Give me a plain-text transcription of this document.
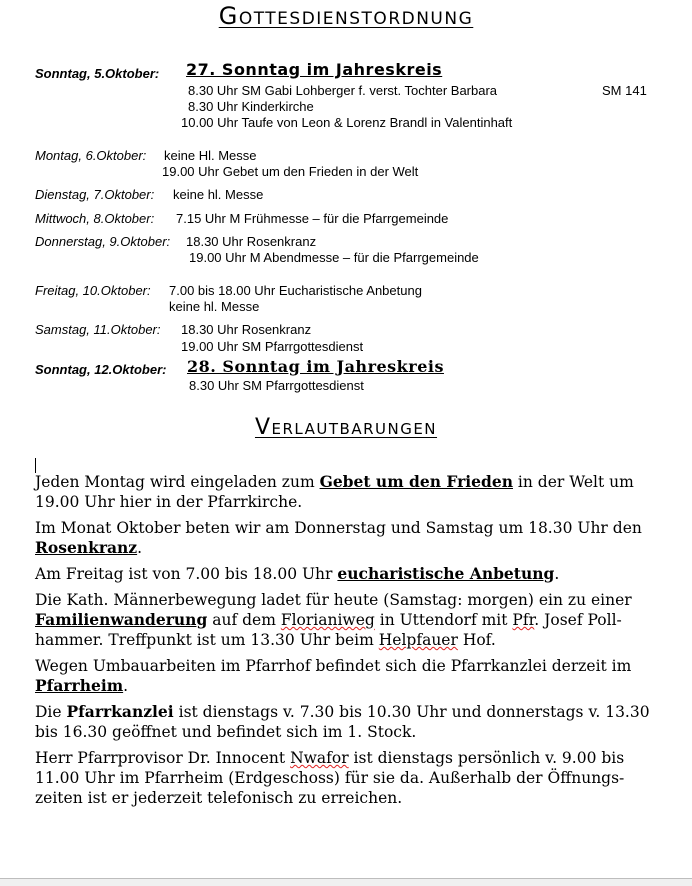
Gottesdienstordnung
Sonntag, 5.Oktober: 27. Sonntag im Jahreskreis
8.30 Uhr SM Gabi Lohberger f. verst. Tochter Barbara	SM 141
8.30 Uhr Kinderkirche
10.00 Uhr Taufe von Leon & Lorenz Brandl in Valentinhaft
Montag, 6.Oktober: keine Hl. Messe
19.00 Uhr Gebet um den Frieden in der Welt
Dienstag, 7.Oktober: keine hl. Messe
Mittwoch, 8.Oktober: 7.15 Uhr M Frühmesse – für die Pfarrgemeinde
Donnerstag, 9.Oktober: 18.30 Uhr Rosenkranz
19.00 Uhr M Abendmesse – für die Pfarrgemeinde
Freitag, 10.Oktober: 7.00 bis 18.00 Uhr Eucharistische Anbetung
keine hl. Messe
Samstag, 11.Oktober: 18.30 Uhr Rosenkranz
19.00 Uhr SM Pfarrgottesdienst
Sonntag, 12.Oktober: 28. Sonntag im Jahreskreis
8.30 Uhr SM Pfarrgottesdienst
Verlautbarungen

Jeden Montag wird eingeladen zum Gebet um den Frieden in der Welt um 19.00 Uhr hier in der Pfarrkirche.

Im Monat Oktober beten wir am Donnerstag und Samstag um 18.30 Uhr den Rosenkranz.

Am Freitag ist von 7.00 bis 18.00 Uhr eucharistische Anbetung.

Die Kath. Männerbewegung ladet für heute (Samstag: morgen) ein zu einer Familienwanderung auf dem Florianiweg in Uttendorf mit Pfr. Josef Poll-hammer. Treffpunkt ist um 13.30 Uhr beim Helpfauer Hof.

Wegen Umbauarbeiten im Pfarrhof befindet sich die Pfarrkanzlei derzeit im Pfarrheim.

Die Pfarrkanzlei ist dienstags v. 7.30 bis 10.30 Uhr und donnerstags v. 13.30 bis 16.30 geöffnet und befindet sich im 1. Stock.

Herr Pfarrprovisor Dr. Innocent Nwafor ist dienstags persönlich v. 9.00 bis 11.00 Uhr im Pfarrheim (Erdgeschoss) für sie da. Außerhalb der Öffnungs-zeiten ist er jederzeit telefonisch zu erreichen.
